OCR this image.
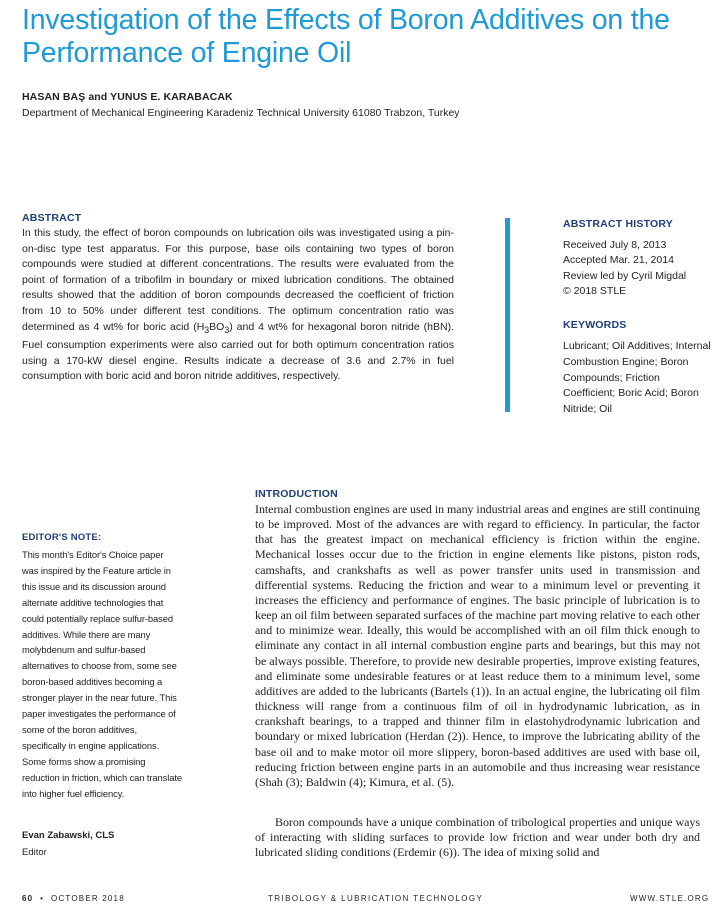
Investigation of the Effects of Boron Additives on the Performance of Engine Oil
HASAN BAŞ and YUNUS E. KARABACAK
Department of Mechanical Engineering Karadeniz Technical University 61080 Trabzon, Turkey
ABSTRACT

In this study, the effect of boron compounds on lubrication oils was investigated using a pin-on-disc type test apparatus. For this purpose, base oils containing two types of boron compounds were studied at different concentrations. The results were evaluated from the point of formation of a tribofilm in boundary or mixed lubrication conditions. The obtained results showed that the addition of boron compounds decreased the coefficient of friction from 10 to 50% under different test conditions. The optimum concentration ratio was determined as 4 wt% for boric acid $(H_3BO_3)$ and 4 wt% for hexagonal boron nitride (hBN). Fuel consumption experiments were also carried out for both optimum concentration ratios using a 170-kW diesel engine. Results indicate a decrease of 3.6 and 2.7% in fuel consumption with boric acid and boron nitride additives, respectively.

ABSTRACT HISTORY
Received July 8, 2013
Accepted Mar. 21, 2014
Review led by Cyril Migdal
© 2018 STLE
KEYWORDS
Lubricant; Oil Additives; Internal Combustion Engine; Boron Compounds; Friction Coefficient; Boric Acid; Boron Nitride; Oil
EDITOR'S NOTE:

This month's Editor's Choice paper was inspired by the Feature article in this issue and its discussion around alternate additive technologies that could potentially replace sulfur-based additives. While there are many molybdenum and sulfur-based alternatives to choose from, some see boron-based additives becoming a stronger player in the near future. This paper investigates the performance of some of the boron additives, specifically in engine applications. Some forms show a promising reduction in friction, which can translate into higher fuel efficiency.

Evan Zabawski, CLS
Editor
INTRODUCTION

Internal combustion engines are used in many industrial areas and engines are still continuing to be improved. Most of the advances are with regard to efficiency. In particular, the factor that has the greatest impact on mechanical efficiency is friction within the engine. Mechanical losses occur due to the friction in engine elements like pistons, piston rods, camshafts, and crankshafts as well as power transfer units used in transmission and differential systems. Reducing the friction and wear to a minimum level or preventing it increases the efficiency and performance of engines. The basic principle of lubrication is to keep an oil film between separated surfaces of the machine part moving relative to each other and to minimize wear. Ideally, this would be accomplished with an oil film thick enough to eliminate any contact in all internal combustion engine parts and bearings, but this may not be always possible. Therefore, to provide new desirable properties, improve existing features, and eliminate some undesirable features or at least reduce them to a minimum level, some additives are added to the lubricants (Bartels (1)). In an actual engine, the lubricating oil film thickness will range from a continuous film of oil in hydrodynamic lubrication, as in crankshaft bearings, to a trapped and thinner film in elastohydrodynamic lubrication and boundary or mixed lubrication (Herdan (2)). Hence, to improve the lubricating ability of the base oil and to make motor oil more slippery, boron-based additives are used with base oil, reducing friction between engine parts in an automobile and thus increasing wear resistance (Shah (3); Baldwin (4); Kimura, et al. (5).

Boron compounds have a unique combination of tribological properties and unique ways of interacting with sliding surfaces to provide low friction and wear under both dry and lubricated sliding conditions (Erdemir (6)). The idea of mixing solid and

60  •  OCTOBER 2018	TRIBOLOGY & LUBRICATION TECHNOLOGY	WWW.STLE.ORG
